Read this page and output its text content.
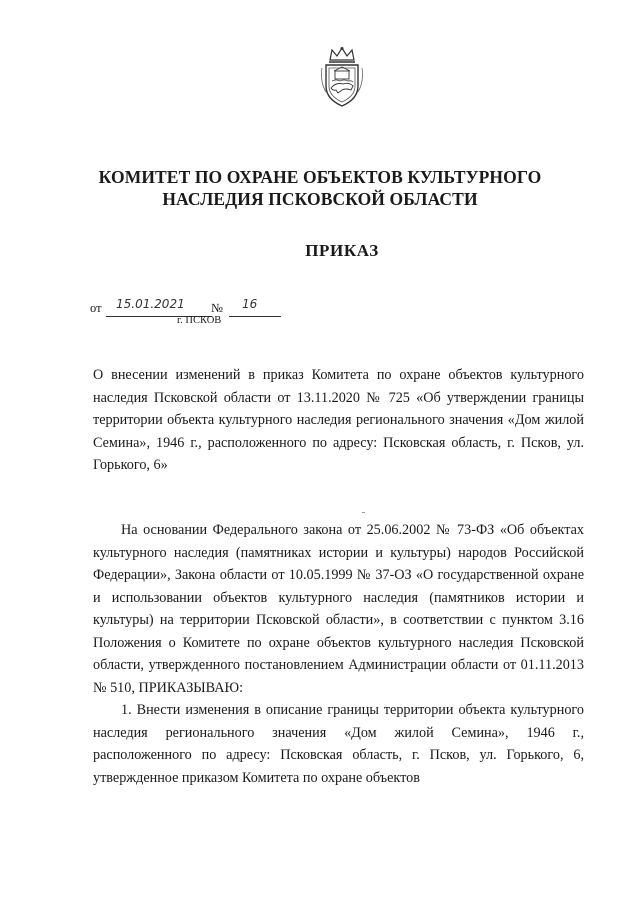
КОМИТЕТ ПО ОХРАНЕ ОБЪЕКТОВ КУЛЬТУРНОГО
НАСЛЕДИЯ ПСКОВСКОЙ ОБЛАСТИ
ПРИКАЗ
от 15.01.2021 № 16
г. ПСКОВ
О внесении изменений в приказ Комитета по охране объектов культурного наследия Псковской области от 13.11.2020 № 725 «Об утверждении границы территории объекта культурного наследия регионального значения «Дом жилой Семина», 1946 г., расположенного по адресу: Псковская область, г. Псков, ул. Горького, 6»

На основании Федерального закона от 25.06.2002 № 73-ФЗ «Об объектах культурного наследия (памятниках истории и культуры) народов Российской Федерации», Закона области от 10.05.1999 № 37-ОЗ «О государственной охране и использовании объектов культурного наследия (памятников истории и культуры) на территории Псковской области», в соответствии с пунктом 3.16 Положения о Комитете по охране объектов культурного наследия Псковской области, утвержденного постановлением Администрации области от 01.11.2013 № 510, ПРИКАЗЫВАЮ:

1. Внести изменения в описание границы территории объекта культурного наследия регионального значения «Дом жилой Семина», 1946 г., расположенного по адресу: Псковская область, г. Псков, ул. Горького, 6, утвержденное приказом Комитета по охране объектов
